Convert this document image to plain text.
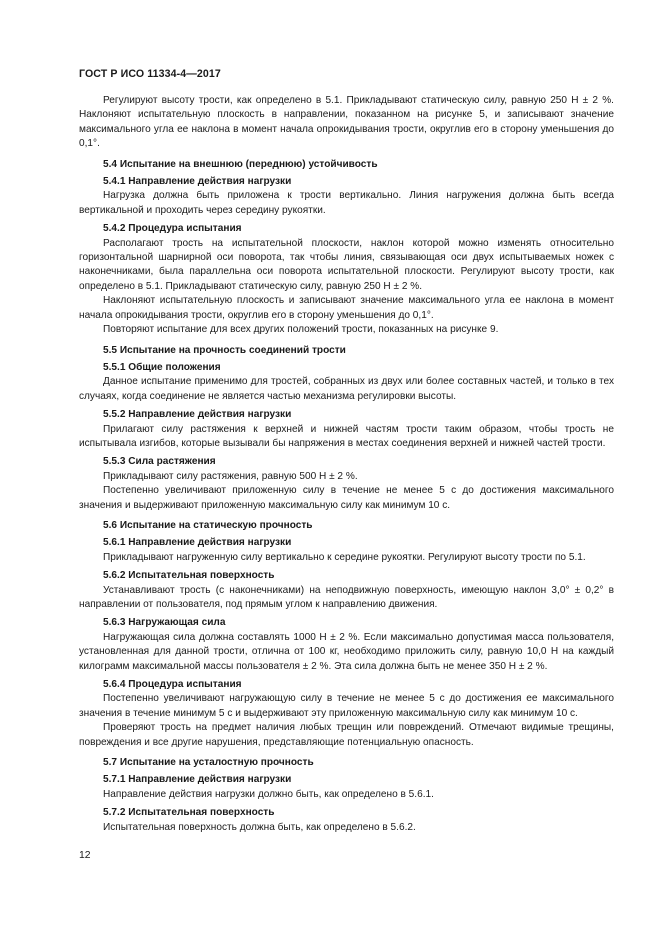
ГОСТ Р ИСО 11334-4—2017
Регулируют высоту трости, как определено в 5.1. Прикладывают статическую силу, равную 250 Н ± 2 %. Наклоняют испытательную плоскость в направлении, показанном на рисунке 5, и записывают значение максимального угла ее наклона в момент начала опрокидывания трости, округлив его в сторону уменьшения до 0,1°.
5.4 Испытание на внешнюю (переднюю) устойчивость
5.4.1 Направление действия нагрузки
Нагрузка должна быть приложена к трости вертикально. Линия нагружения должна быть всегда вертикальной и проходить через середину рукоятки.
5.4.2 Процедура испытания
Располагают трость на испытательной плоскости, наклон которой можно изменять относительно горизонтальной шарнирной оси поворота, так чтобы линия, связывающая оси двух испытываемых ножек с наконечниками, была параллельна оси поворота испытательной плоскости. Регулируют высоту трости, как определено в 5.1. Прикладывают статическую силу, равную 250 Н ± 2 %.
Наклоняют испытательную плоскость и записывают значение максимального угла ее наклона в момент начала опрокидывания трости, округлив его в сторону уменьшения до 0,1°.
Повторяют испытание для всех других положений трости, показанных на рисунке 9.
5.5 Испытание на прочность соединений трости
5.5.1 Общие положения
Данное испытание применимо для тростей, собранных из двух или более составных частей, и только в тех случаях, когда соединение не является частью механизма регулировки высоты.
5.5.2 Направление действия нагрузки
Прилагают силу растяжения к верхней и нижней частям трости таким образом, чтобы трость не испытывала изгибов, которые вызывали бы напряжения в местах соединения верхней и нижней частей трости.
5.5.3 Сила растяжения
Прикладывают силу растяжения, равную 500 Н ± 2 %.
Постепенно увеличивают приложенную силу в течение не менее 5 с до достижения максимального значения и выдерживают приложенную максимальную силу как минимум 10 с.
5.6 Испытание на статическую прочность
5.6.1 Направление действия нагрузки
Прикладывают нагруженную силу вертикально к середине рукоятки. Регулируют высоту трости по 5.1.
5.6.2 Испытательная поверхность
Устанавливают трость (с наконечниками) на неподвижную поверхность, имеющую наклон 3,0° ± 0,2° в направлении от пользователя, под прямым углом к направлению движения.
5.6.3 Нагружающая сила
Нагружающая сила должна составлять 1000 Н ± 2 %. Если максимально допустимая масса пользователя, установленная для данной трости, отлична от 100 кг, необходимо приложить силу, равную 10,0 Н на каждый килограмм максимальной массы пользователя ± 2 %. Эта сила должна быть не менее 350 Н ± 2 %.
5.6.4 Процедура испытания
Постепенно увеличивают нагружающую силу в течение не менее 5 с до достижения ее максимального значения в течение минимум 5 с и выдерживают эту приложенную максимальную силу как минимум 10 с.
Проверяют трость на предмет наличия любых трещин или повреждений. Отмечают видимые трещины, повреждения и все другие нарушения, представляющие потенциальную опасность.
5.7 Испытание на усталостную прочность
5.7.1 Направление действия нагрузки
Направление действия нагрузки должно быть, как определено в 5.6.1.
5.7.2 Испытательная поверхность
Испытательная поверхность должна быть, как определено в 5.6.2.
12
